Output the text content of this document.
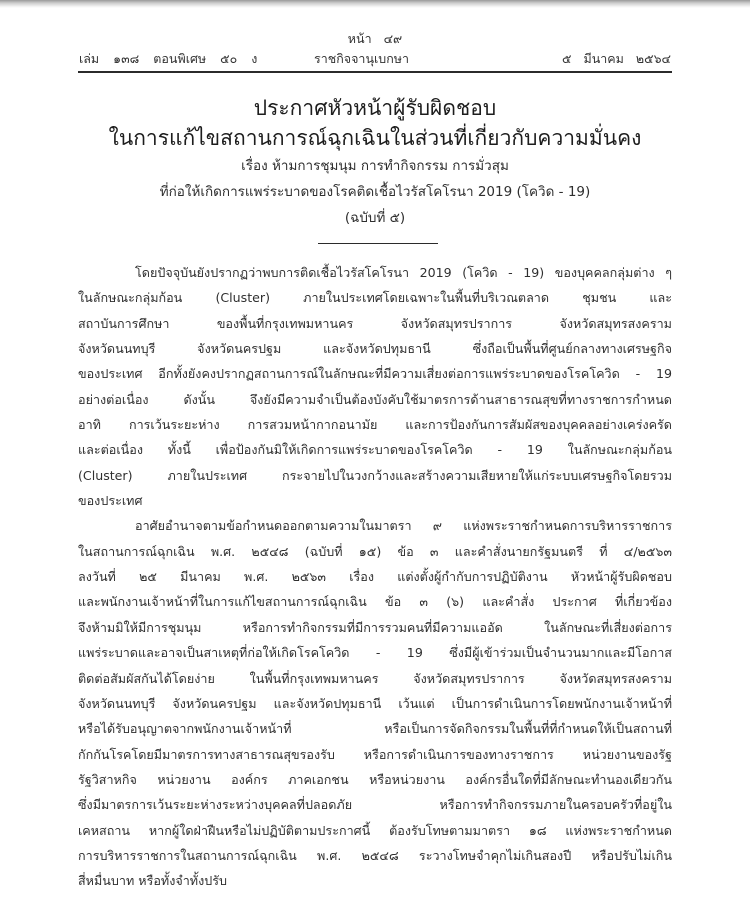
หน้า ๔๙
เล่ม ๑๓๘ ตอนพิเศษ ๕๐ ง	ราชกิจจานุเบกษา	๕ มีนาคม ๒๕๖๔
ประกาศหัวหน้าผู้รับผิดชอบ
ในการแก้ไขสถานการณ์ฉุกเฉินในส่วนที่เกี่ยวกับความมั่นคง
เรื่อง ห้ามการชุมนุม การทำกิจกรรม การมั่วสุม
ที่ก่อให้เกิดการแพร่ระบาดของโรคติดเชื้อไวรัสโคโรนา 2019 (โควิด - 19)
(ฉบับที่ ๕)
โดยปัจจุบันยังปรากฏว่าพบการติดเชื้อไวรัสโคโรนา 2019 (โควิด - 19) ของบุคคลกลุ่มต่าง ๆ
ในลักษณะกลุ่มก้อน (Cluster) ภายในประเทศโดยเฉพาะในพื้นที่บริเวณตลาด ชุมชน และ
สถาบันการศึกษา ของพื้นที่กรุงเทพมหานคร จังหวัดสมุทรปราการ จังหวัดสมุทรสงคราม
จังหวัดนนทบุรี จังหวัดนครปฐม และจังหวัดปทุมธานี ซึ่งถือเป็นพื้นที่ศูนย์กลางทางเศรษฐกิจ
ของประเทศ อีกทั้งยังคงปรากฏสถานการณ์ในลักษณะที่มีความเสี่ยงต่อการแพร่ระบาดของโรคโควิด - 19
อย่างต่อเนื่อง ดังนั้น จึงยังมีความจำเป็นต้องบังคับใช้มาตรการด้านสาธารณสุขที่ทางราชการกำหนด
อาทิ การเว้นระยะห่าง การสวมหน้ากากอนามัย และการป้องกันการสัมผัสของบุคคลอย่างเคร่งครัด
และต่อเนื่อง ทั้งนี้ เพื่อป้องกันมิให้เกิดการแพร่ระบาดของโรคโควิด - 19 ในลักษณะกลุ่มก้อน
(Cluster) ภายในประเทศ กระจายไปในวงกว้างและสร้างความเสียหายให้แก่ระบบเศรษฐกิจโดยรวม
ของประเทศ
อาศัยอำนาจตามข้อกำหนดออกตามความในมาตรา ๙ แห่งพระราชกำหนดการบริหารราชการ
ในสถานการณ์ฉุกเฉิน พ.ศ. ๒๕๔๘ (ฉบับที่ ๑๕) ข้อ ๓ และคำสั่งนายกรัฐมนตรี ที่ ๔/๒๕๖๓
ลงวันที่ ๒๕ มีนาคม พ.ศ. ๒๕๖๓ เรื่อง แต่งตั้งผู้กำกับการปฏิบัติงาน หัวหน้าผู้รับผิดชอบ
และพนักงานเจ้าหน้าที่ในการแก้ไขสถานการณ์ฉุกเฉิน ข้อ ๓ (๖) และคำสั่ง ประกาศ ที่เกี่ยวข้อง
จึงห้ามมิให้มีการชุมนุม หรือการทำกิจกรรมที่มีการรวมคนที่มีความแออัด ในลักษณะที่เสี่ยงต่อการ
แพร่ระบาดและอาจเป็นสาเหตุที่ก่อให้เกิดโรคโควิด - 19 ซึ่งมีผู้เข้าร่วมเป็นจำนวนมากและมีโอกาส
ติดต่อสัมผัสกันได้โดยง่าย ในพื้นที่กรุงเทพมหานคร จังหวัดสมุทรปราการ จังหวัดสมุทรสงคราม
จังหวัดนนทบุรี จังหวัดนครปฐม และจังหวัดปทุมธานี เว้นแต่ เป็นการดำเนินการโดยพนักงานเจ้าหน้าที่
หรือได้รับอนุญาตจากพนักงานเจ้าหน้าที่ หรือเป็นการจัดกิจกรรมในพื้นที่ที่กำหนดให้เป็นสถานที่
กักกันโรคโดยมีมาตรการทางสาธารณสุขรองรับ หรือการดำเนินการของทางราชการ หน่วยงานของรัฐ
รัฐวิสาหกิจ หน่วยงาน องค์กร ภาคเอกชน หรือหน่วยงาน องค์กรอื่นใดที่มีลักษณะทำนองเดียวกัน
ซึ่งมีมาตรการเว้นระยะห่างระหว่างบุคคลที่ปลอดภัย หรือการทำกิจกรรมภายในครอบครัวที่อยู่ใน
เคหสถาน หากผู้ใดฝ่าฝืนหรือไม่ปฏิบัติตามประกาศนี้ ต้องรับโทษตามมาตรา ๑๘ แห่งพระราชกำหนด
การบริหารราชการในสถานการณ์ฉุกเฉิน พ.ศ. ๒๕๔๘ ระวางโทษจำคุกไม่เกินสองปี หรือปรับไม่เกิน
สี่หมื่นบาท หรือทั้งจำทั้งปรับ
